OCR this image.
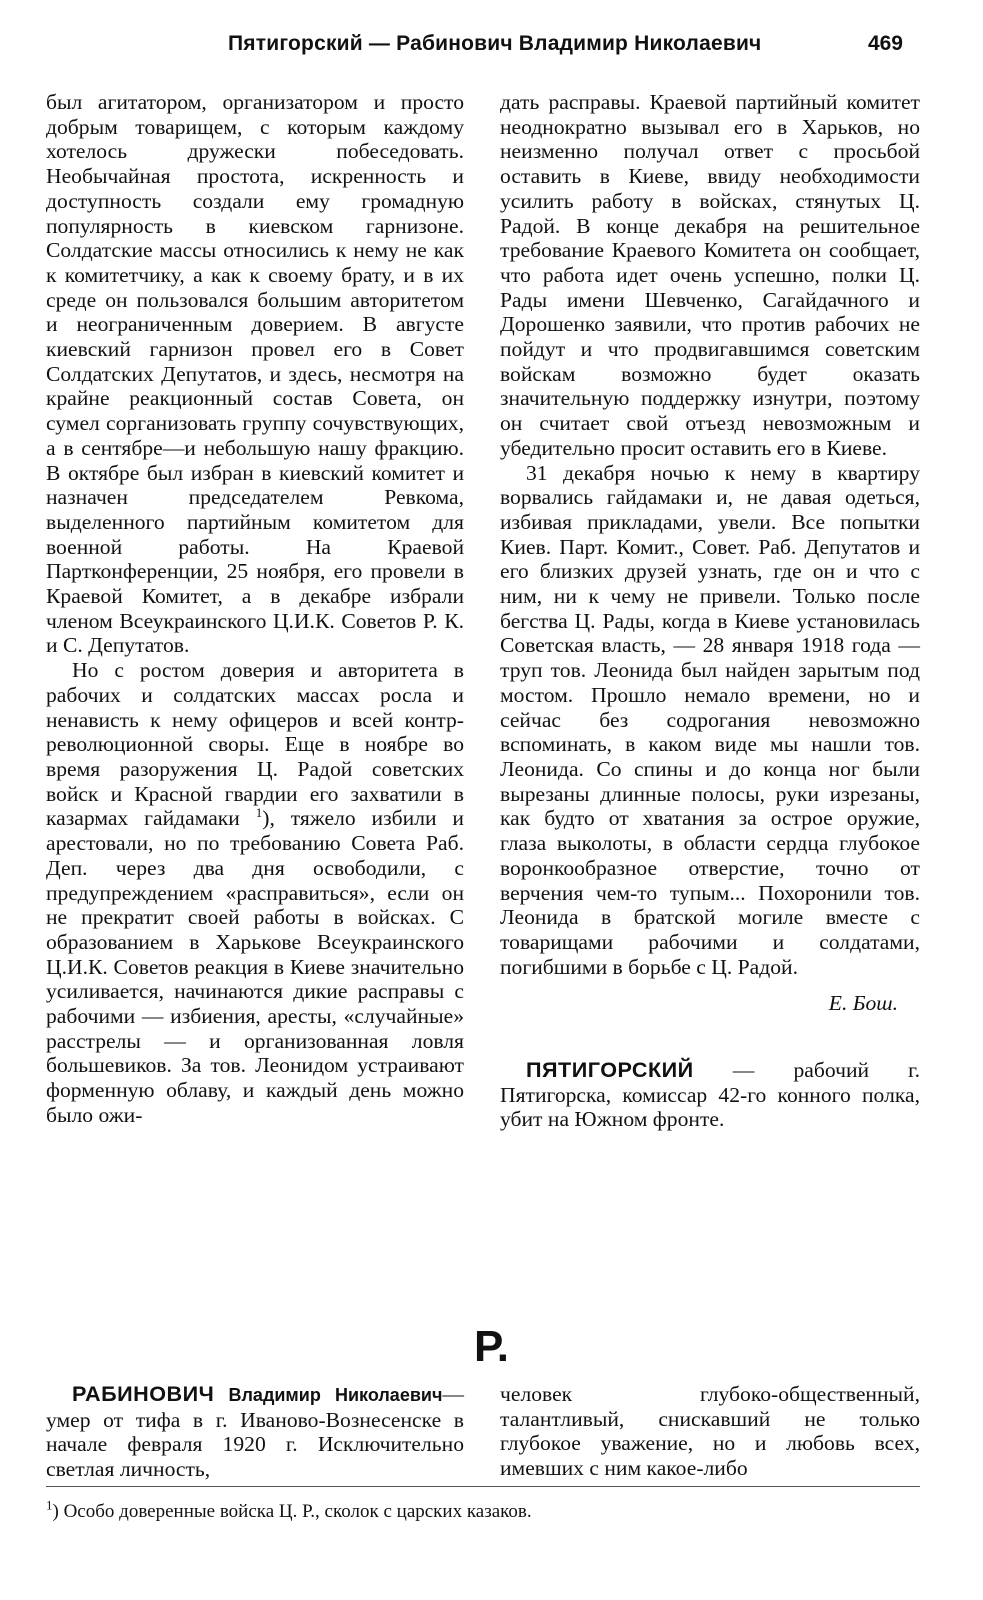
Пятигорский — Рабинович Владимир Николаевич	469

был агитатором, организатором и просто добрым товарищем, с которым каждому хотелось дружески побеседовать. Необычайная простота, искренность и доступность создали ему громадную популярность в киевском гарнизоне. Солдатские массы относились к нему не как к комитетчику, а как к своему брату, и в их среде он пользовался большим авторитетом и неограниченным доверием. В августе киевский гарнизон провел его в Совет Солдатских Депутатов, и здесь, несмотря на крайне реакционный состав Совета, он сумел сорганизовать группу сочувствующих, а в сентябре—и небольшую нашу фракцию. В октябре был избран в киевский комитет и назначен председателем Ревкома, выделенного партийным комитетом для военной работы. На Краевой Партконференции, 25 ноября, его провели в Краевой Комитет, а в декабре избрали членом Всеукраинского Ц.И.К. Советов Р. К. и С. Депутатов.

Но с ростом доверия и авторитета в рабочих и солдатских массах росла и ненависть к нему офицеров и всей контр-революционной своры. Еще в ноябре во время разоружения Ц. Радой советских войск и Красной гвардии его захватили в казармах гайдамаки $^1$), тяжело избили и арестовали, но по требованию Совета Раб. Деп. через два дня освободили, с предупреждением «расправиться», если он не прекратит своей работы в войсках. С образованием в Харькове Всеукраинского Ц.И.К. Советов реакция в Киеве значительно усиливается, начинаются дикие расправы с рабочими — избиения, аресты, «случайные» расстрелы — и организованная ловля большевиков. За тов. Леонидом устраивают форменную облаву, и каждый день можно было ожи-

дать расправы. Краевой партийный комитет неоднократно вызывал его в Харьков, но неизменно получал ответ с просьбой оставить в Киеве, ввиду необходимости усилить работу в войсках, стянутых Ц. Радой. В конце декабря на решительное требование Краевого Комитета он сообщает, что работа идет очень успешно, полки Ц. Рады имени Шевченко, Сагайдачного и Дорошенко заявили, что против рабочих не пойдут и что продвигавшимся советским войскам возможно будет оказать значительную поддержку изнутри, поэтому он считает свой отъезд невозможным и убедительно просит оставить его в Киеве.

31 декабря ночью к нему в квартиру ворвались гайдамаки и, не давая одеться, избивая прикладами, увели. Все попытки Киев. Парт. Комит., Совет. Раб. Депутатов и его близких друзей узнать, где он и что с ним, ни к чему не привели. Только после бегства Ц. Рады, когда в Киеве установилась Советская власть, — 28 января 1918 года — труп тов. Леонида был найден зарытым под мостом. Прошло немало времени, но и сейчас без содрогания невозможно вспоминать, в каком виде мы нашли тов. Леонида. Со спины и до конца ног были вырезаны длинные полосы, руки изрезаны, как будто от хватания за острое оружие, глаза выколоты, в области сердца глубокое воронкообразное отверстие, точно от верчения чем-то тупым... Похоронили тов. Леонида в братской могиле вместе с товарищами рабочими и солдатами, погибшими в борьбе с Ц. Радой.

Е. Бош.

ПЯТИГОРСКИЙ — рабочий г. Пятигорска, комиссар 42-го конного полка, убит на Южном фронте.

Р.

РАБИНОВИЧ Владимир Николаевич— умер от тифа в г. Иваново-Вознесенске в начале февраля 1920 г. Исключительно светлая личность,

человек глубоко-общественный, талантливый, снискавший не только глубокое уважение, но и любовь всех, имевших с ним какое-либо

$^1$) Особо доверенные войска Ц. Р., сколок с царских казаков.
